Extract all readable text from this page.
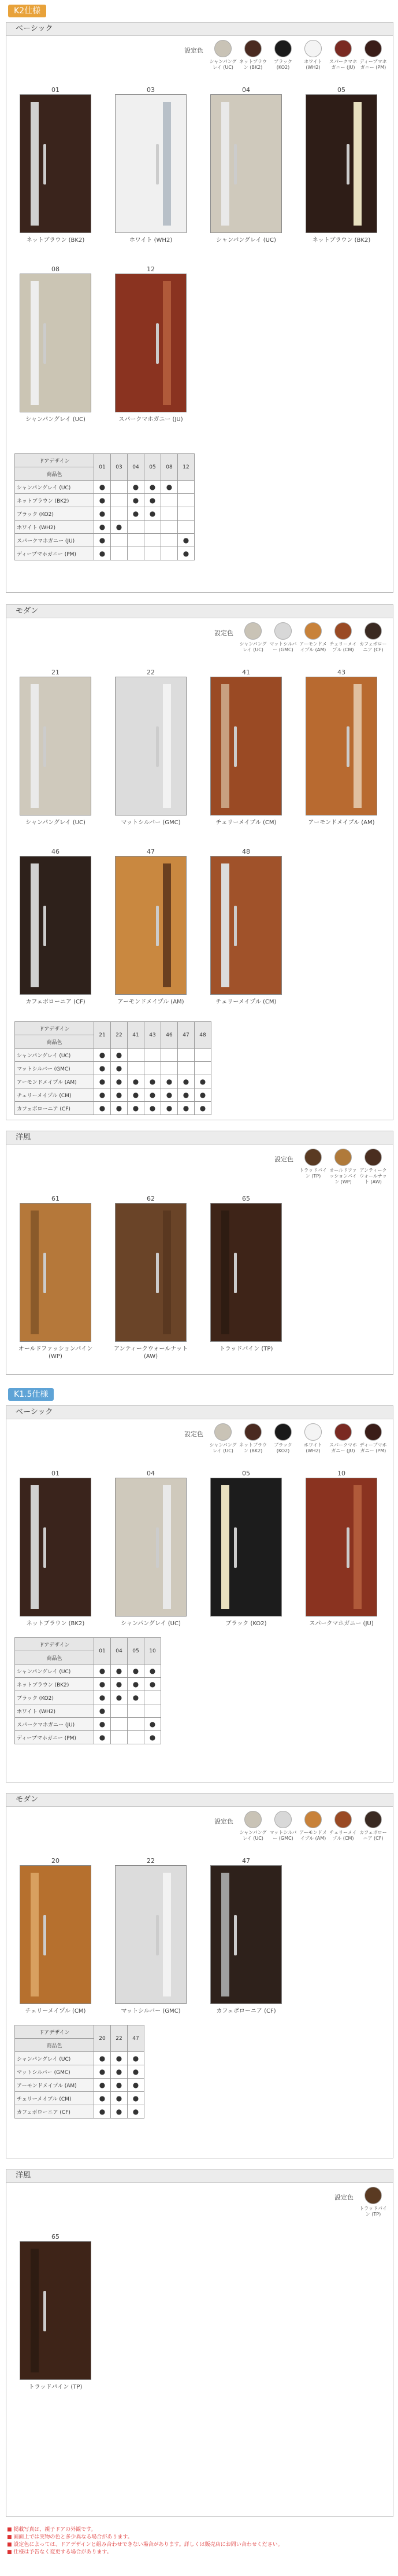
K2仕様
ベーシック
設定色
シャンパングレイ (UC)
ネットブラウン (BK2)
ブラック (KO2)
ホワイト (WH2)
スパークマホガニー (JU)
ディープマホガニー (PM)
01
ネットブラウン (BK2)
03
ホワイト (WH2)
04
シャンパングレイ (UC)
05
ネットブラウン (BK2)
08
シャンパングレイ (UC)
12
スパークマホガニー (JU)
ドアデザイン	01	03	04	05	08	12
商品色						
シャンパングレイ (UC)	●		●	●	●	
ネットブラウン (BK2)	●		●	●		
ブラック (KO2)	●		●	●		
ホワイト (WH2)	●	●				
スパークマホガニー (JU)	●					●
ディープマホガニー (PM)	●					●
モダン
設定色
シャンパングレイ (UC)
マットシルバー (GMC)
アーモンドメイプル (AM)
チェリーメイプル (CM)
カフェボローニア (CF)
21
シャンパングレイ (UC)
22
マットシルバー (GMC)
41
チェリーメイプル (CM)
43
アーモンドメイプル (AM)
46
カフェボローニア (CF)
47
アーモンドメイプル (AM)
48
チェリーメイプル (CM)
ドアデザイン	21	22	41	43	46	47	48
商品色							
シャンパングレイ (UC)	●	●					
マットシルバー (GMC)	●	●					
アーモンドメイプル (AM)	●	●	●	●	●	●	●
チェリーメイプル (CM)	●	●	●	●	●	●	●
カフェボローニア (CF)	●	●	●	●	●	●	●
洋風
設定色
トラッドパイン (TP)
オールドファッションパイン (WP)
アンティークウォールナット (AW)
61
オールドファッションパイン (WP)
62
アンティークウォールナット (AW)
65
トラッドパイン (TP)
K1.5仕様
ベーシック
設定色
シャンパングレイ (UC)
ネットブラウン (BK2)
ブラック (KO2)
ホワイト (WH2)
スパークマホガニー (JU)
ディープマホガニー (PM)
01
ネットブラウン (BK2)
04
シャンパングレイ (UC)
05
ブラック (KO2)
10
スパークマホガニー (JU)
ドアデザイン	01	04	05	10
商品色				
シャンパングレイ (UC)	●	●	●	●
ネットブラウン (BK2)	●	●	●	●
ブラック (KO2)	●	●	●	
ホワイト (WH2)	●			
スパークマホガニー (JU)	●			●
ディープマホガニー (PM)	●			●
モダン
設定色
シャンパングレイ (UC)
マットシルバー (GMC)
アーモンドメイプル (AM)
チェリーメイプル (CM)
カフェボローニア (CF)
20
チェリーメイプル (CM)
22
マットシルバー (GMC)
47
カフェボローニア (CF)
ドアデザイン	20	22	47
商品色			
シャンパングレイ (UC)	●	●	●
マットシルバー (GMC)	●	●	●
アーモンドメイプル (AM)	●	●	●
チェリーメイプル (CM)	●	●	●
カフェボローニア (CF)	●	●	●
洋風
設定色
トラッドパイン (TP)
65
トラッドパイン (TP)
■ 掲載写真は、親子ドアの外観です。
■ 画面上では実物の色と多少異なる場合があります。
■ 設定色によっては、ドアデザインと組み合わせできない場合があります。詳しくは販売店にお問い合わせください。
■ 仕様は予告なく変更する場合があります。
